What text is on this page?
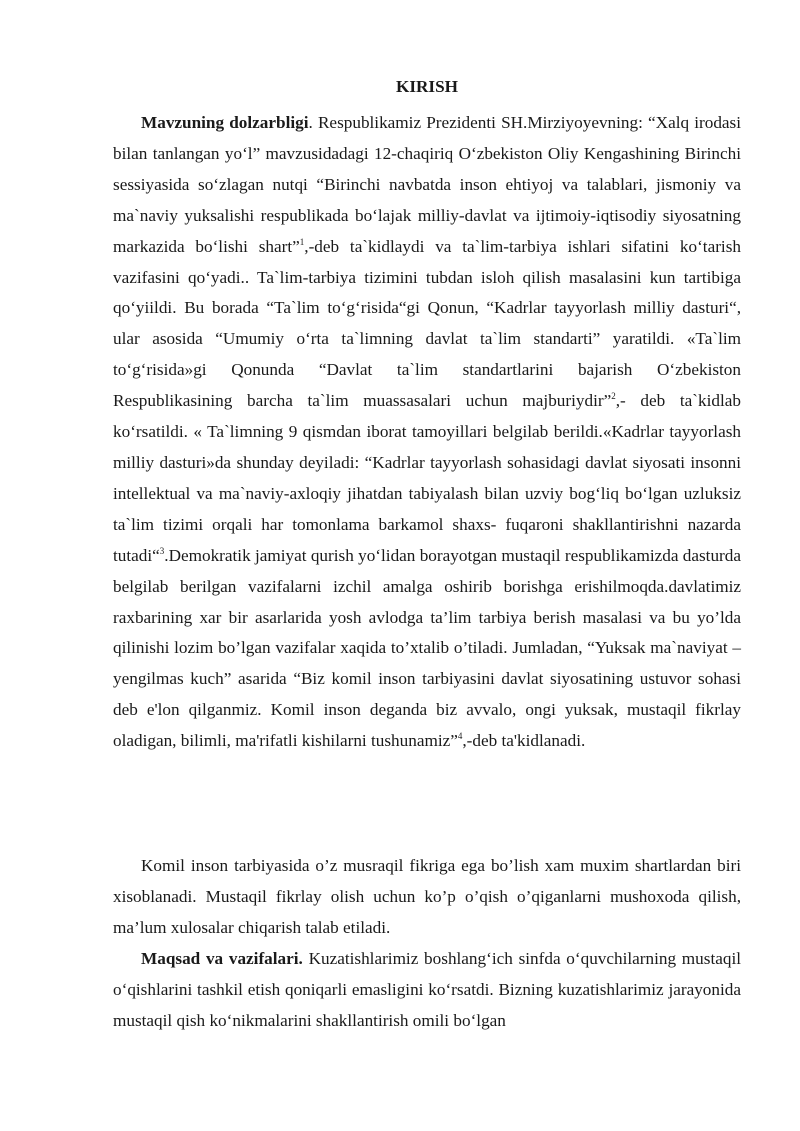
KIRISH

Mavzuning dolzarbligi. Respublikamiz Prezidenti SH.Mirziyoyevning: “Xalq irodasi bilan tanlangan yo‘l” mavzusidadagi 12-chaqiriq O‘zbekiston Oliy Kengashining Birinchi sessiyasida so‘zlagan nutqi “Birinchi navbatda inson ehtiyoj va talablari, jismoniy va ma`naviy yuksalishi respublikada bo‘lajak milliy-davlat va ijtimoiy-iqtisodiy siyosatning markazida bo‘lishi shart”$^1$,-deb ta`kidlaydi va ta`lim-tarbiya ishlari sifatini ko‘tarish vazifasini qo‘yadi.. Ta`lim-tarbiya tizimini tubdan isloh qilish masalasini kun tartibiga qo‘yiildi. Bu borada “Ta`lim to‘g‘risida“gi Qonun, “Kadrlar tayyorlash milliy dasturi“, ular asosida “Umumiy o‘rta ta`limning davlat ta`lim standarti” yaratildi. «Ta`lim to‘g‘risida»gi Qonunda “Davlat ta`lim standartlarini bajarish O‘zbekiston Respublikasining barcha ta`lim muassasalari uchun majburiydir”$^2$,- deb ta`kidlab ko‘rsatildi. « Ta`limning 9 qismdan iborat tamoyillari belgilab berildi.«Kadrlar tayyorlash milliy dasturi»da shunday deyiladi: “Kadrlar tayyorlash sohasidagi davlat siyosati insonni intellektual va ma`naviy-axloqiy jihatdan tabiyalash bilan uzviy bog‘liq bo‘lgan uzluksiz ta`lim tizimi orqali har tomonlama barkamol shaxs- fuqaroni shakllantirishni nazarda tutadi“$^3$.Demokratik jamiyat qurish yo‘lidan borayotgan mustaqil respublikamizda dasturda belgilab berilgan vazifalarni izchil amalga oshirib borishga erishilmoqda.davlatimiz raxbarining xar bir asarlarida yosh avlodga ta’lim tarbiya berish masalasi va bu yo’lda qilinishi lozim bo’lgan vazifalar xaqida to’xtalib o’tiladi. Jumladan, “Yuksak ma`naviyat – yengilmas kuch” asarida “Biz komil inson tarbiyasini davlat siyosatining ustuvor sohasi deb e'lon qilganmiz. Komil inson deganda biz avvalo, ongi yuksak, mustaqil fikrlay oladigan, bilimli, ma'rifatli kishilarni tushunamiz”$^4$,-deb ta'kidlanadi.

Komil inson tarbiyasida o’z musraqil fikriga ega bo’lish xam muxim shartlardan biri xisoblanadi. Mustaqil fikrlay olish uchun ko’p o’qish o’qiganlarni mushoxoda qilish, ma’lum xulosalar chiqarish talab etiladi.

Maqsad va vazifalari. Kuzatishlarimiz boshlang‘ich sinfda o‘quvchilarning mustaqil o‘qishlarini tashkil etish qoniqarli emasligini ko‘rsatdi. Bizning kuzatishlarimiz jarayonida mustaqil qish ko‘nikmalarini shakllantirish omili bo‘lgan
